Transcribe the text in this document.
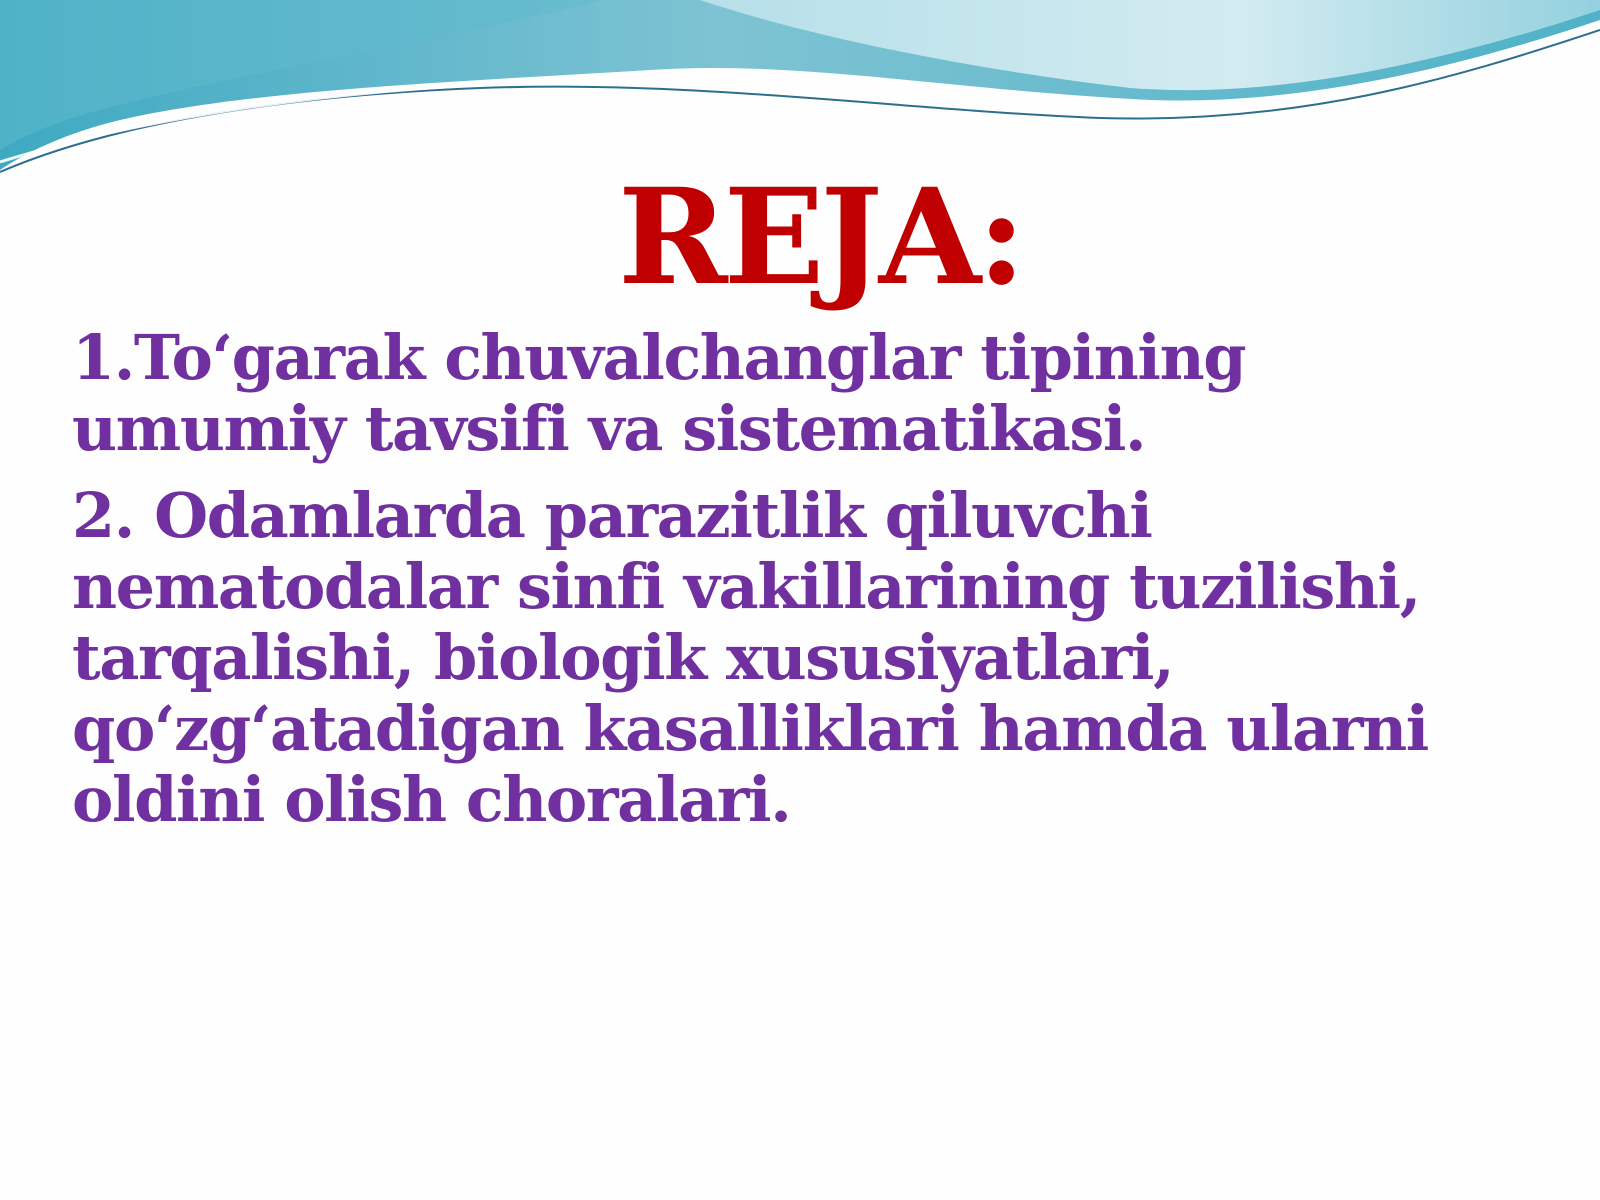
REJA:
1.To‘garak chuvalchanglar tipining
umumiy tavsifi va sistematikasi.
2. Odamlarda parazitlik qiluvchi
nematodalar sinfi vakillarining tuzilishi,
tarqalishi, biologik xususiyatlari,
qo‘zg‘atadigan kasalliklari hamda ularni
oldini olish choralari.
